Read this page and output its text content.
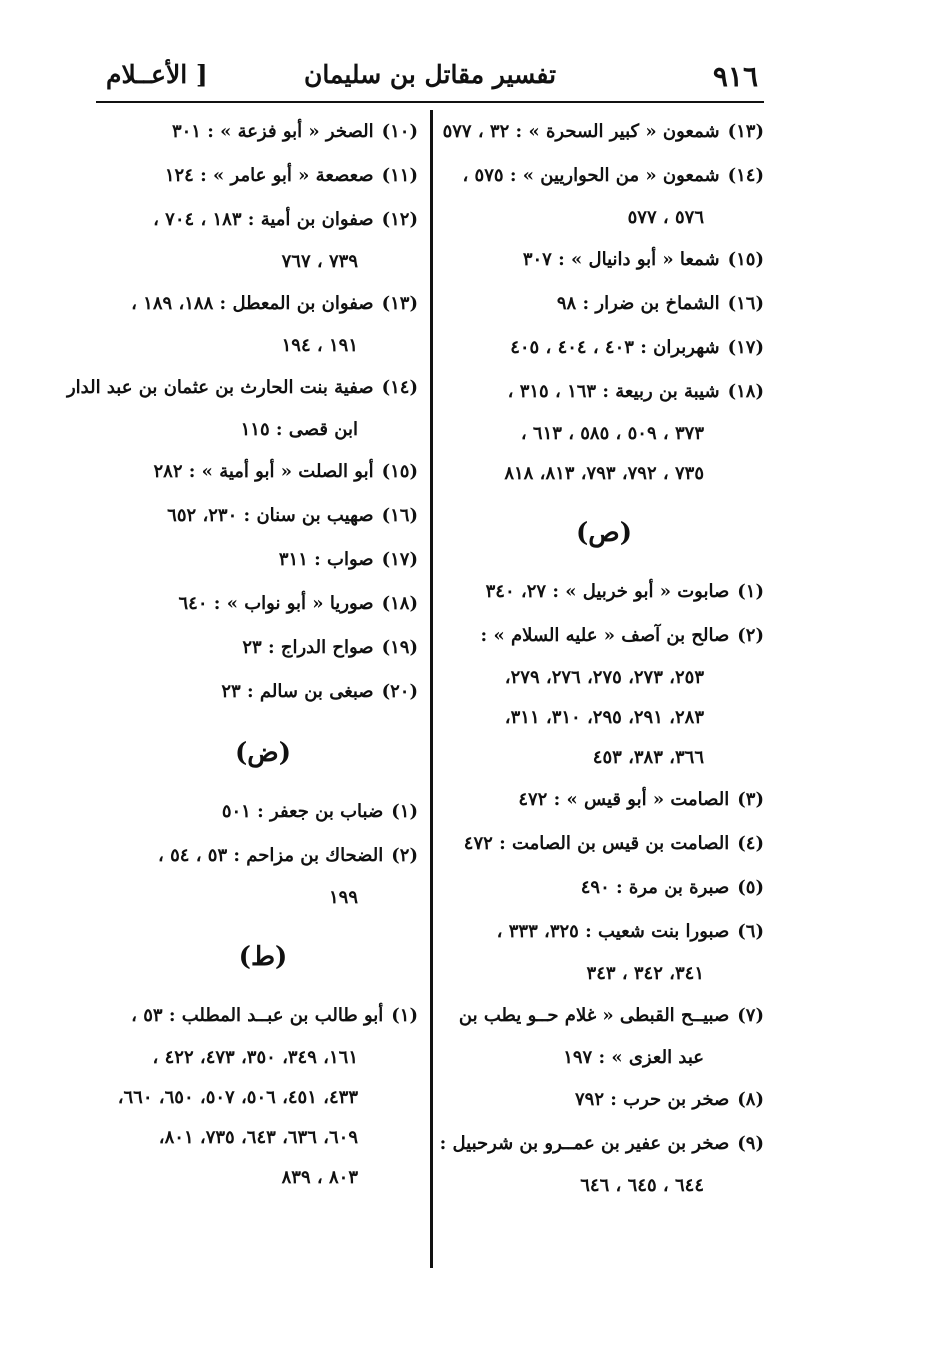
٩١٦
تفسير مقاتل بن سليمان
[ الأعــلام
(١٣)شمعون « كبير السحرة » : ٣٢ ، ٥٧٧
(١٤)شمعون « من الحواريين » : ٥٧٥ ،
٥٧٦ ، ٥٧٧
(١٥)شمعا « أبو دانيال » : ٣٠٧
(١٦)الشماخ بن ضرار : ٩٨
(١٧)شهربران : ٤٠٣ ، ٤٠٤ ، ٤٠٥
(١٨)شيبة بن ربيعة : ١٦٣ ، ٣١٥ ،
٣٧٣ ، ٥٠٩ ، ٥٨٥ ، ٦١٣ ،
٧٣٥ ، ٧٩٢، ٧٩٣، ٨١٣، ٨١٨
(ص)
(١)صابوت « أبو خربيل » : ٢٧، ٣٤٠
(٢)صالح بن آصف « عليه السلام » :
٢٥٣، ٢٧٣، ٢٧٥، ٢٧٦، ٢٧٩،
٢٨٣، ٢٩١، ٢٩٥، ٣١٠، ٣١١،
٣٦٦، ٣٨٣، ٤٥٣
(٣)الصامت « أبو قيس » : ٤٧٢
(٤)الصامت بن قيس بن الصامت : ٤٧٢
(٥)صبرة بن مرة : ٤٩٠
(٦)صبورا بنت شعيب : ٣٢٥، ٣٣٣ ،
٣٤١، ٣٤٢ ، ٣٤٣
(٧)صبيــح القبطى « غلام حــو يطب بن
عبد العزى » : ١٩٧
(٨)صخر بن حرب : ٧٩٢
(٩)صخر بن عفير بن عمــرو بن شرحبيل :
٦٤٤ ، ٦٤٥ ، ٦٤٦
(١٠)الصخر « أبو فزعة » : ٣٠١
(١١)صعصعة « أبو عامر » : ١٢٤
(١٢)صفوان بن أمية : ١٨٣ ، ٧٠٤ ،
٧٣٩ ، ٧٦٧
(١٣)صفوان بن المعطل : ١٨٨، ١٨٩ ،
١٩١ ، ١٩٤
(١٤)صفية بنت الحارث بن عثمان بن عبد الدار
ابن قصى : ١١٥
(١٥)أبو الصلت « أبو أمية » : ٢٨٢
(١٦)صهيب بن سنان : ٢٣٠، ٦٥٢
(١٧)صواب : ٣١١
(١٨)صوريا « أبو نواب » : ٦٤٠
(١٩)صواح الدراج : ٢٣
(٢٠)صبغى بن سالم : ٢٣
(ض)
(١)ضباب بن جعفر : ٥٠١
(٢)الضحاك بن مزاحم : ٥٣ ، ٥٤ ،
١٩٩
(ط)
(١)أبو طالب بن عبــد المطلب : ٥٣ ،
١٦١، ٣٤٩، ٣٥٠، ٤٧٣، ٤٢٢ ،
٤٣٣، ٤٥١، ٥٠٦، ٥٠٧، ٦٥٠، ٦٦٠،
٦٠٩، ٦٣٦، ٦٤٣، ٧٣٥، ٨٠١،
٨٠٣ ، ٨٣٩
